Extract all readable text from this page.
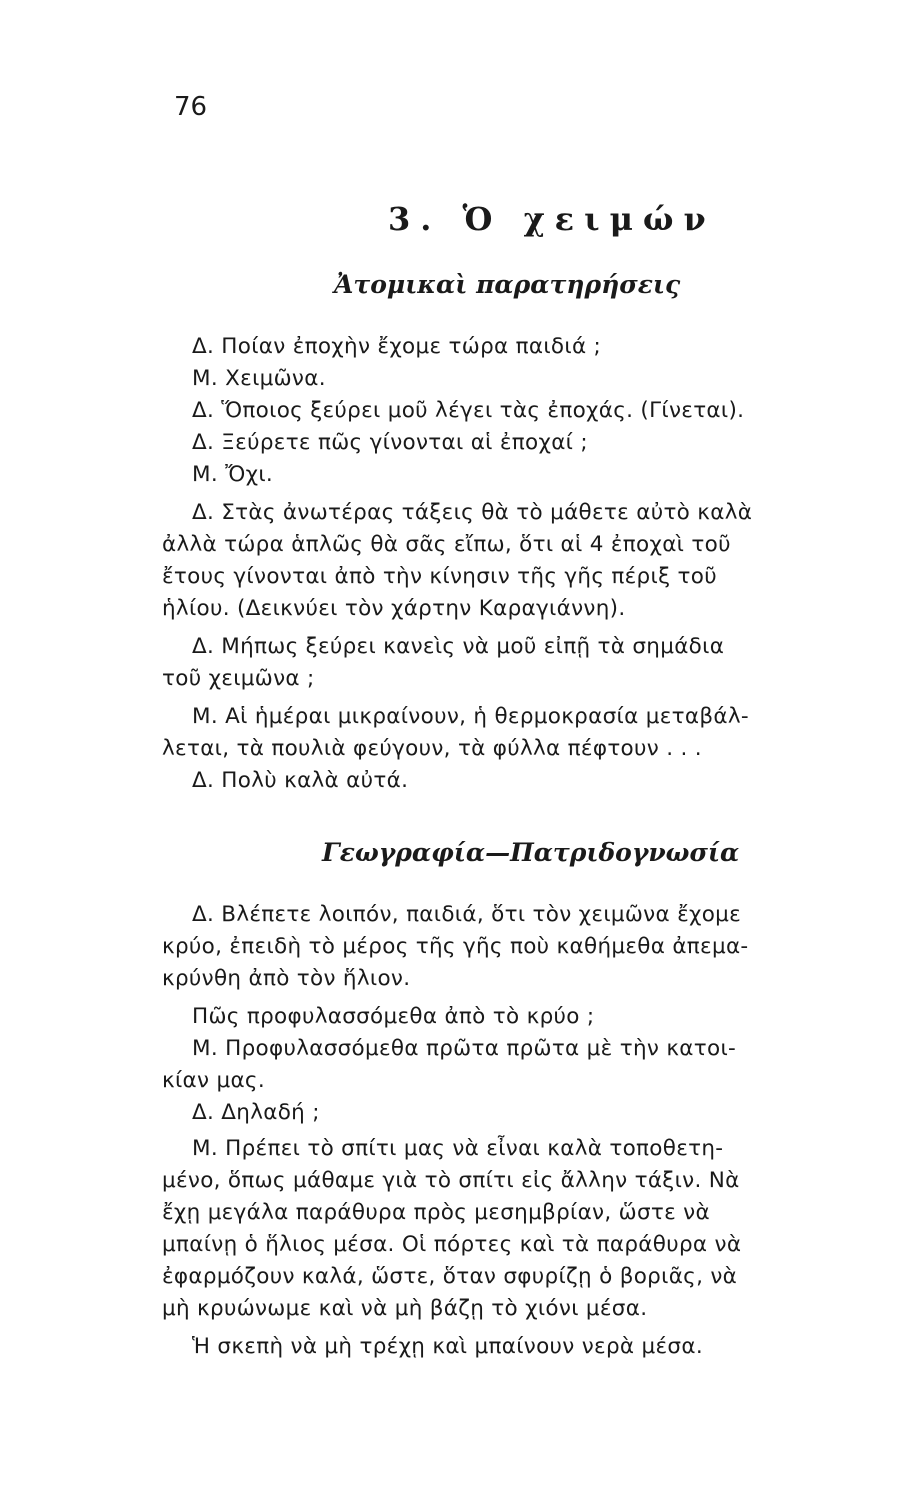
76
3. Ὁ χειμών
Ἀτομικαὶ παρατηρήσεις
Δ. Ποίαν ἐποχὴν ἔχομε τώρα παιδιά ;
Μ. Χειμῶνα.
Δ. Ὅποιος ξεύρει μοῦ λέγει τὰς ἐποχάς. (Γίνεται).
Δ. Ξεύρετε πῶς γίνονται αἱ ἐποχαί ;
Μ. Ὄχι.
Δ. Στὰς ἀνωτέρας τάξεις θὰ τὸ μάθετε αὐτὸ καλὰ
ἀλλὰ τώρα ἁπλῶς θὰ σᾶς εἴπω, ὅτι αἱ 4 ἐποχαὶ τοῦ
ἔτους γίνονται ἀπὸ τὴν κίνησιν τῆς γῆς πέριξ τοῦ
ἡλίου. (Δεικνύει τὸν χάρτην Καραγιάννη).
Δ. Μήπως ξεύρει κανεὶς νὰ μοῦ εἰπῇ τὰ σημάδια
τοῦ χειμῶνα ;
Μ. Αἱ ἡμέραι μικραίνουν, ἡ θερμοκρασία μεταβάλ-
λεται, τὰ πουλιὰ φεύγουν, τὰ φύλλα πέφτουν . . .
Δ. Πολὺ καλὰ αὐτά.
Γεωγραφία—Πατριδογνωσία
Δ. Βλέπετε λοιπόν, παιδιά, ὅτι τὸν χειμῶνα ἔχομε
κρύο, ἐπειδὴ τὸ μέρος τῆς γῆς ποὺ καθήμεθα ἀπεμα-
κρύνθη ἀπὸ τὸν ἥλιον.
Πῶς προφυλασσόμεθα ἀπὸ τὸ κρύο ;
Μ. Προφυλασσόμεθα πρῶτα πρῶτα μὲ τὴν κατοι-
κίαν μας.
Δ. Δηλαδή ;
Μ. Πρέπει τὸ σπίτι μας νὰ εἶναι καλὰ τοποθετη-
μένο, ὅπως μάθαμε γιὰ τὸ σπίτι εἰς ἄλλην τάξιν. Νὰ
ἔχῃ μεγάλα παράθυρα πρὸς μεσημβρίαν, ὥστε νὰ
μπαίνῃ ὁ ἥλιος μέσα. Οἱ πόρτες καὶ τὰ παράθυρα νὰ
ἐφαρμόζουν καλά, ὥστε, ὅταν σφυρίζῃ ὁ βοριᾶς, νὰ
μὴ κρυώνωμε καὶ νὰ μὴ βάζῃ τὸ χιόνι μέσα.
Ἡ σκεπὴ νὰ μὴ τρέχῃ καὶ μπαίνουν νερὰ μέσα.
